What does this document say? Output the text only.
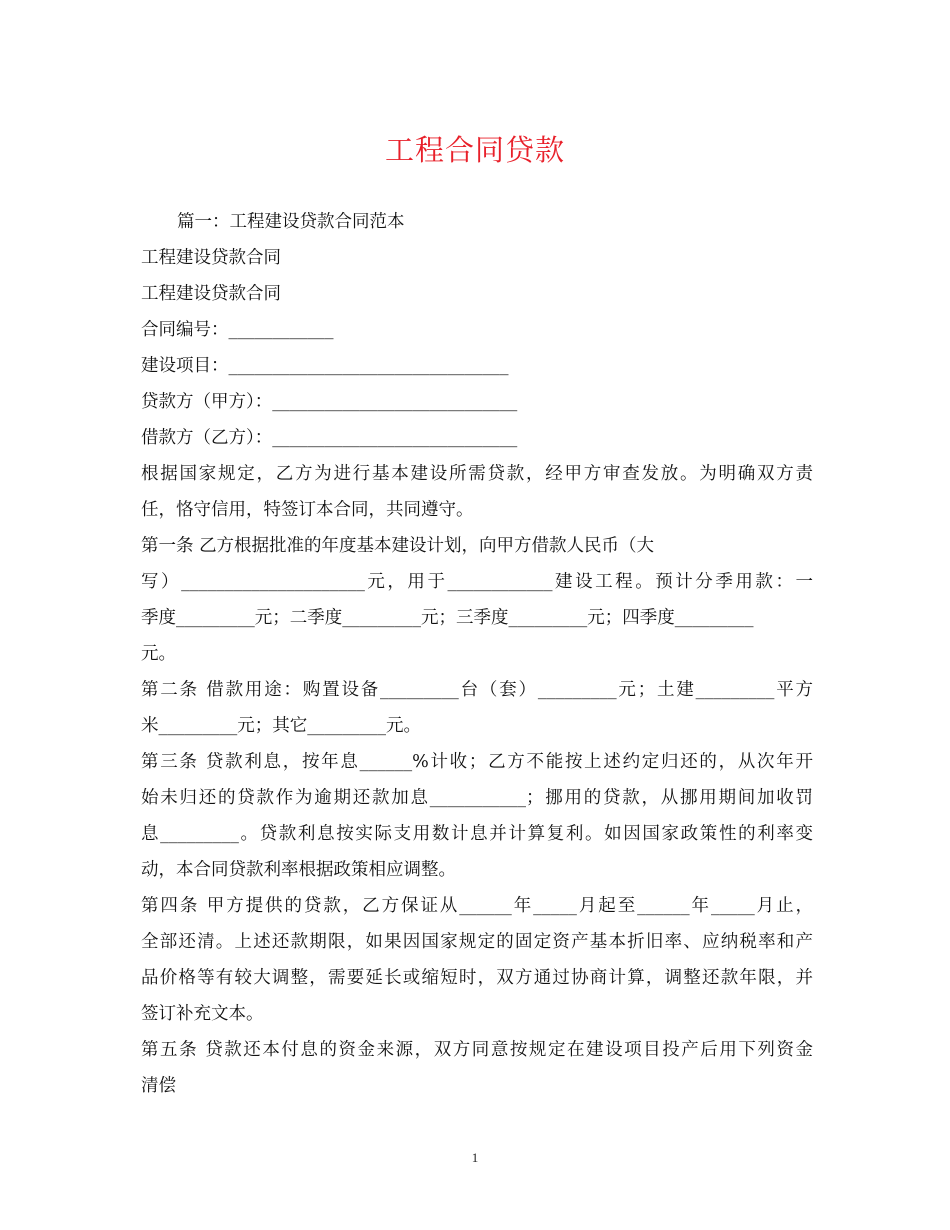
工程合同贷款

篇一：工程建设贷款合同范本

工程建设贷款合同

工程建设贷款合同

合同编号：____________

建设项目：________________________________

贷款方（甲方）：____________________________

借款方（乙方）：____________________________

根据国家规定，乙方为进行基本建设所需贷款，经甲方审查发放。为明确双方责

任，恪守信用，特签订本合同，共同遵守。

第一条 乙方根据批准的年度基本建设计划，向甲方借款人民币（大

写）_____________________元，用于____________建设工程。预计分季用款：一

季度_________元；二季度_________元；三季度_________元；四季度_________

元。

第二条 借款用途：购置设备_________台（套）_________元；土建_________平方

米_________元；其它_________元。

第三条 贷款利息，按年息______%计收；乙方不能按上述约定归还的，从次年开

始未归还的贷款作为逾期还款加息___________；挪用的贷款，从挪用期间加收罚

息_________。贷款利息按实际支用数计息并计算复利。如因国家政策性的利率变

动，本合同贷款利率根据政策相应调整。

第四条 甲方提供的贷款，乙方保证从______年_____月起至______年_____月止，

全部还清。上述还款期限，如果因国家规定的固定资产基本折旧率、应纳税率和产

品价格等有较大调整，需要延长或缩短时，双方通过协商计算，调整还款年限，并

签订补充文本。

第五条 贷款还本付息的资金来源，双方同意按规定在建设项目投产后用下列资金

清偿

1
